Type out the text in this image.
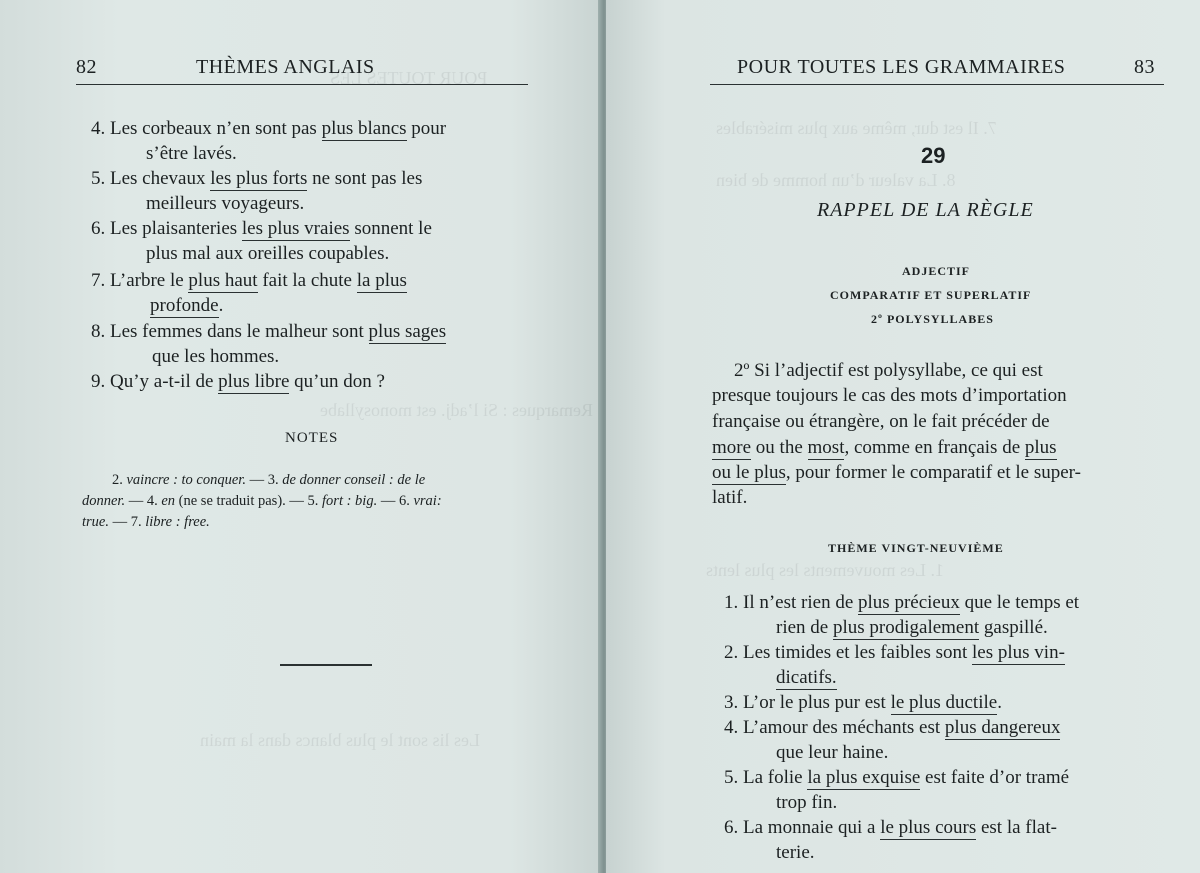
POUR TOUTES LES
Remarques : Si l’adj. est monosyllabe
Les lis sont le plus blancs dans la main
82	THÈMES ANGLAIS
4. Les corbeaux n’en sont pas plus blancs pour
s’être lavés.
5. Les chevaux les plus forts ne sont pas les
meilleurs voyageurs.
6. Les plaisanteries les plus vraies sonnent le
plus mal aux oreilles coupables.
7. L’arbre le plus haut fait la chute la plus
profonde.
8. Les femmes dans le malheur sont plus sages
que les hommes.
9. Qu’y a-t-il de plus libre qu’un don ?
NOTES
2. vaincre : to conquer. — 3. de donner conseil : de le
donner. — 4. en (ne se traduit pas). — 5. fort : big. — 6. vrai:
true. — 7. libre : free.
7. Il est dur, même aux plus misérables
8. La valeur d’un homme de bien
1. Les mouvements les plus lents
POUR TOUTES LES GRAMMAIRES	83
29
RAPPEL DE LA RÈGLE
ADJECTIF
COMPARATIF ET SUPERLATIF
2º POLYSYLLABES
2º Si l’adjectif est polysyllabe, ce qui est
presque toujours le cas des mots d’importation
française ou étrangère, on le fait précéder de
more ou the most, comme en français de plus
ou le plus, pour former le comparatif et le super-
latif.
THÈME VINGT-NEUVIÈME
1. Il n’est rien de plus précieux que le temps et
rien de plus prodigalement gaspillé.
2. Les timides et les faibles sont les plus vin-
dicatifs.
3. L’or le plus pur est le plus ductile.
4. L’amour des méchants est plus dangereux
que leur haine.
5. La folie la plus exquise est faite d’or tramé
trop fin.
6. La monnaie qui a le plus cours est la flat-
terie.
